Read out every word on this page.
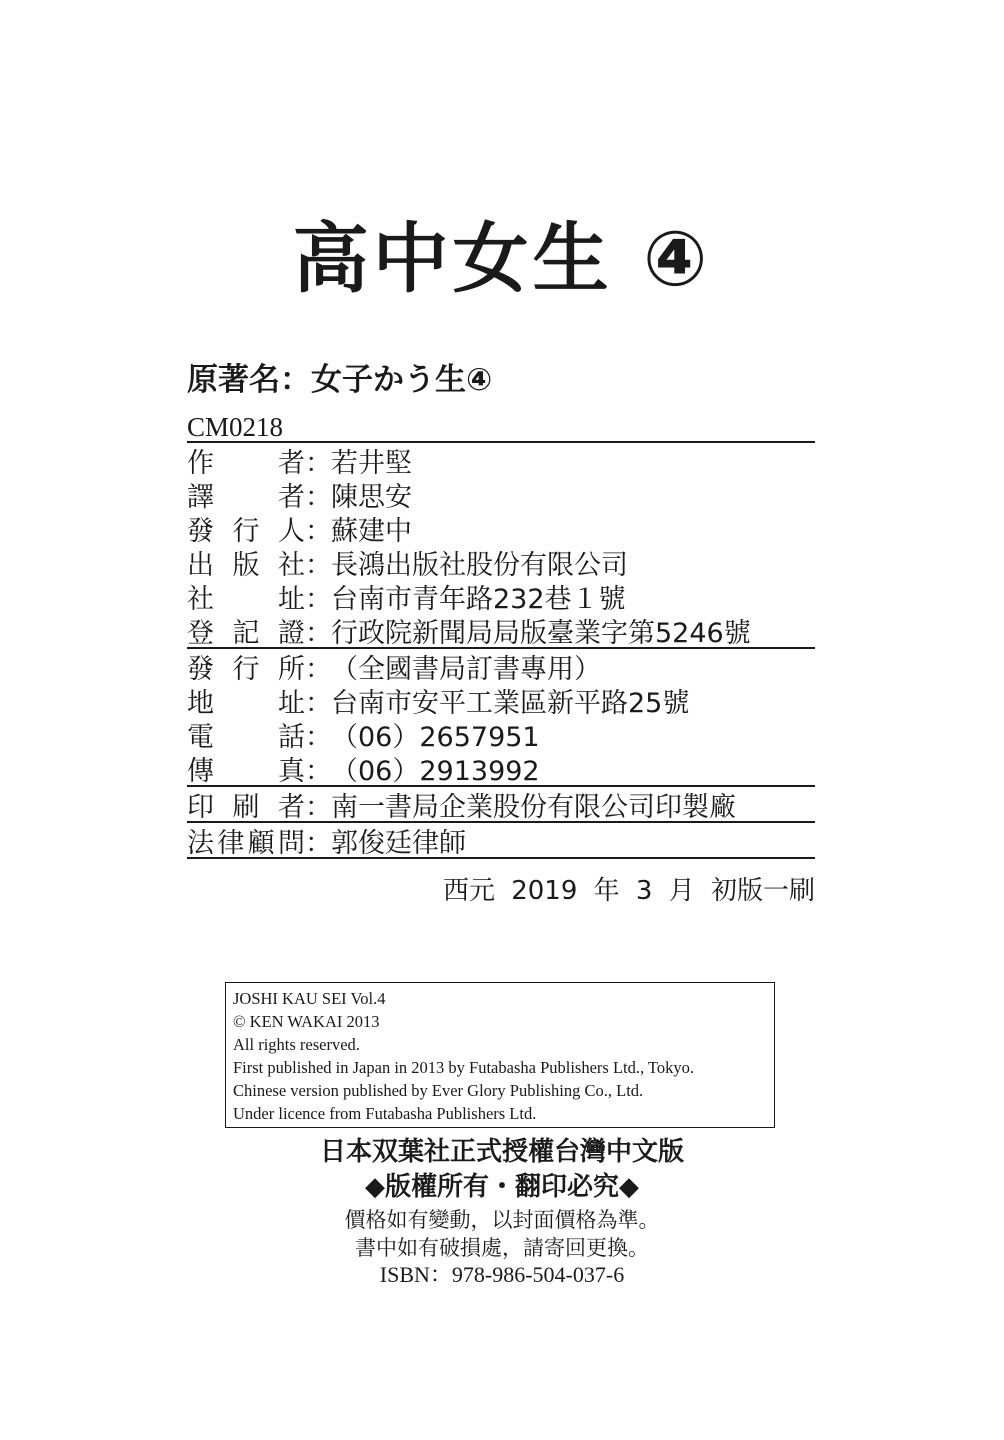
高中女生 ④
原著名：女子かう生④
CM0218
作者 ： 若井堅
譯者 ： 陳思安
發行人 ： 蘇建中
出版社 ： 長鴻出版社股份有限公司
社址 ： 台南市青年路232巷１號
登記證 ： 行政院新聞局局版臺業字第5246號
發行所 ： （全國書局訂書專用）
地址 ： 台南市安平工業區新平路25號
電話 ： （06）2657951
傳真 ： （06）2913992
印刷者 ： 南一書局企業股份有限公司印製廠
法律顧問 ： 郭俊廷律師
西元 2019 年 3 月 初版一刷
JOSHI KAU SEI Vol.4
© KEN WAKAI 2013
All rights reserved.
First published in Japan in 2013 by Futabasha Publishers Ltd., Tokyo.
Chinese version published by Ever Glory Publishing Co., Ltd.
Under licence from Futabasha Publishers Ltd.
日本双葉社正式授權台灣中文版
◆版權所有・翻印必究◆
價格如有變動，以封面價格為準。
書中如有破損處，請寄回更換。
ISBN：978-986-504-037-6
